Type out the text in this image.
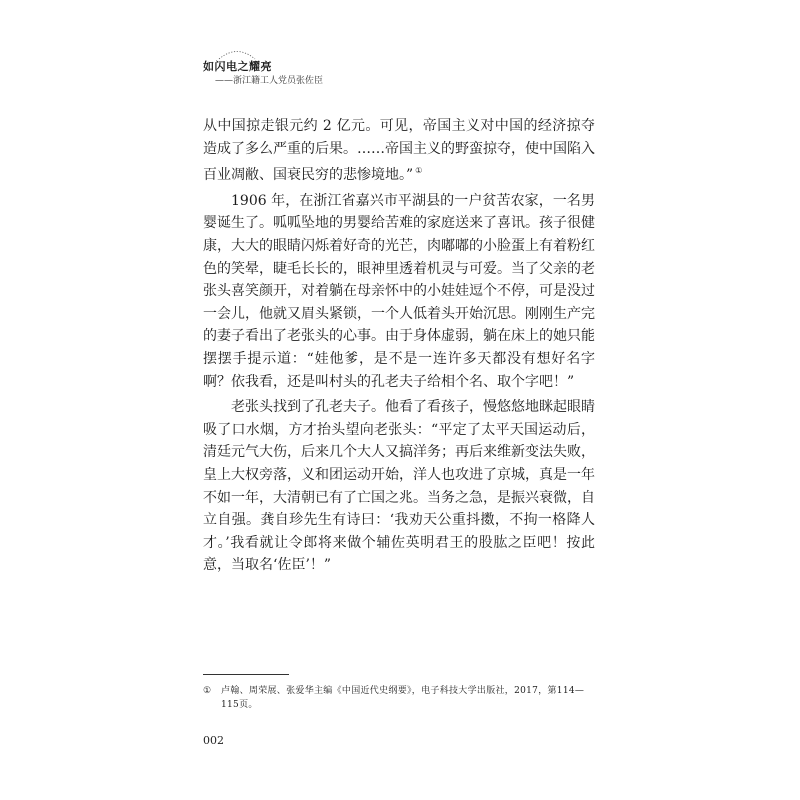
如闪电之耀亮
——浙江籍工人党员张佐臣

从中国掠走银元约 2 亿元。可见，帝国主义对中国的经济掠夺造成了多么严重的后果。……帝国主义的野蛮掠夺，使中国陷入百业凋敝、国衰民穷的悲惨境地。” ①

1906 年，在浙江省嘉兴市平湖县的一户贫苦农家，一名男婴诞生了。呱呱坠地的男婴给苦难的家庭送来了喜讯。孩子很健康，大大的眼睛闪烁着好奇的光芒，肉嘟嘟的小脸蛋上有着粉红色的笑晕，睫毛长长的，眼神里透着机灵与可爱。当了父亲的老张头喜笑颜开，对着躺在母亲怀中的小娃娃逗个不停，可是没过一会儿，他就又眉头紧锁，一个人低着头开始沉思。刚刚生产完的妻子看出了老张头的心事。由于身体虚弱，躺在床上的她只能摆摆手提示道：“娃他爹，是不是一连许多天都没有想好名字啊？依我看，还是叫村头的孔老夫子给相个名、取个字吧！”

老张头找到了孔老夫子。他看了看孩子，慢悠悠地眯起眼睛吸了口水烟，方才抬头望向老张头：“平定了太平天国运动后，清廷元气大伤，后来几个大人又搞洋务；再后来维新变法失败，皇上大权旁落，义和团运动开始，洋人也攻进了京城，真是一年不如一年，大清朝已有了亡国之兆。当务之急，是振兴衰微，自立自强。龚自珍先生有诗曰：‘我劝天公重抖擞，不拘一格降人才。’我看就让令郎将来做个辅佐英明君王的股肱之臣吧！按此意，当取名‘佐臣’！”

①	卢翰、周荣展、张爱华主编《中国近代史纲要》，电子科技大学出版社，2017，第114—115页。
002
